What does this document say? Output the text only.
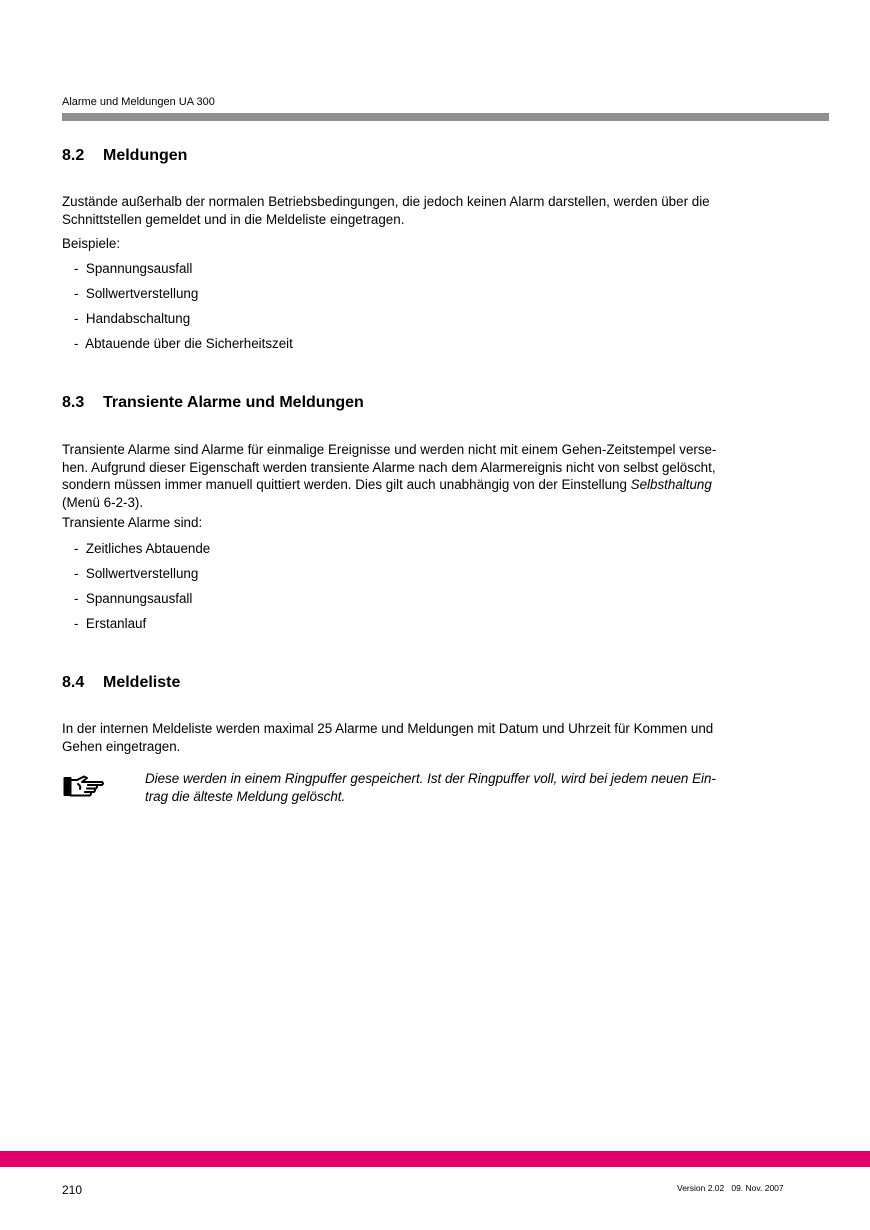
Alarme und Meldungen UA 300
8.2 Meldungen
Zustände außerhalb der normalen Betriebsbedingungen, die jedoch keinen Alarm darstellen, werden über die
Schnittstellen gemeldet und in die Meldeliste eingetragen.
Beispiele:
- Spannungsausfall
- Sollwertverstellung
- Handabschaltung
- Abtauende über die Sicherheitszeit
8.3 Transiente Alarme und Meldungen
Transiente Alarme sind Alarme für einmalige Ereignisse und werden nicht mit einem Gehen-Zeitstempel verse-
hen. Aufgrund dieser Eigenschaft werden transiente Alarme nach dem Alarmereignis nicht von selbst gelöscht,
sondern müssen immer manuell quittiert werden. Dies gilt auch unabhängig von der Einstellung Selbsthaltung
(Menü 6-2-3).
Transiente Alarme sind:
- Zeitliches Abtauende
- Sollwertverstellung
- Spannungsausfall
- Erstanlauf
8.4 Meldeliste
In der internen Meldeliste werden maximal 25 Alarme und Meldungen mit Datum und Uhrzeit für Kommen und
Gehen eingetragen.
Diese werden in einem Ringpuffer gespeichert. Ist der Ringpuffer voll, wird bei jedem neuen Ein-
trag die älteste Meldung gelöscht.
210	Version 2.02   09. Nov. 2007
